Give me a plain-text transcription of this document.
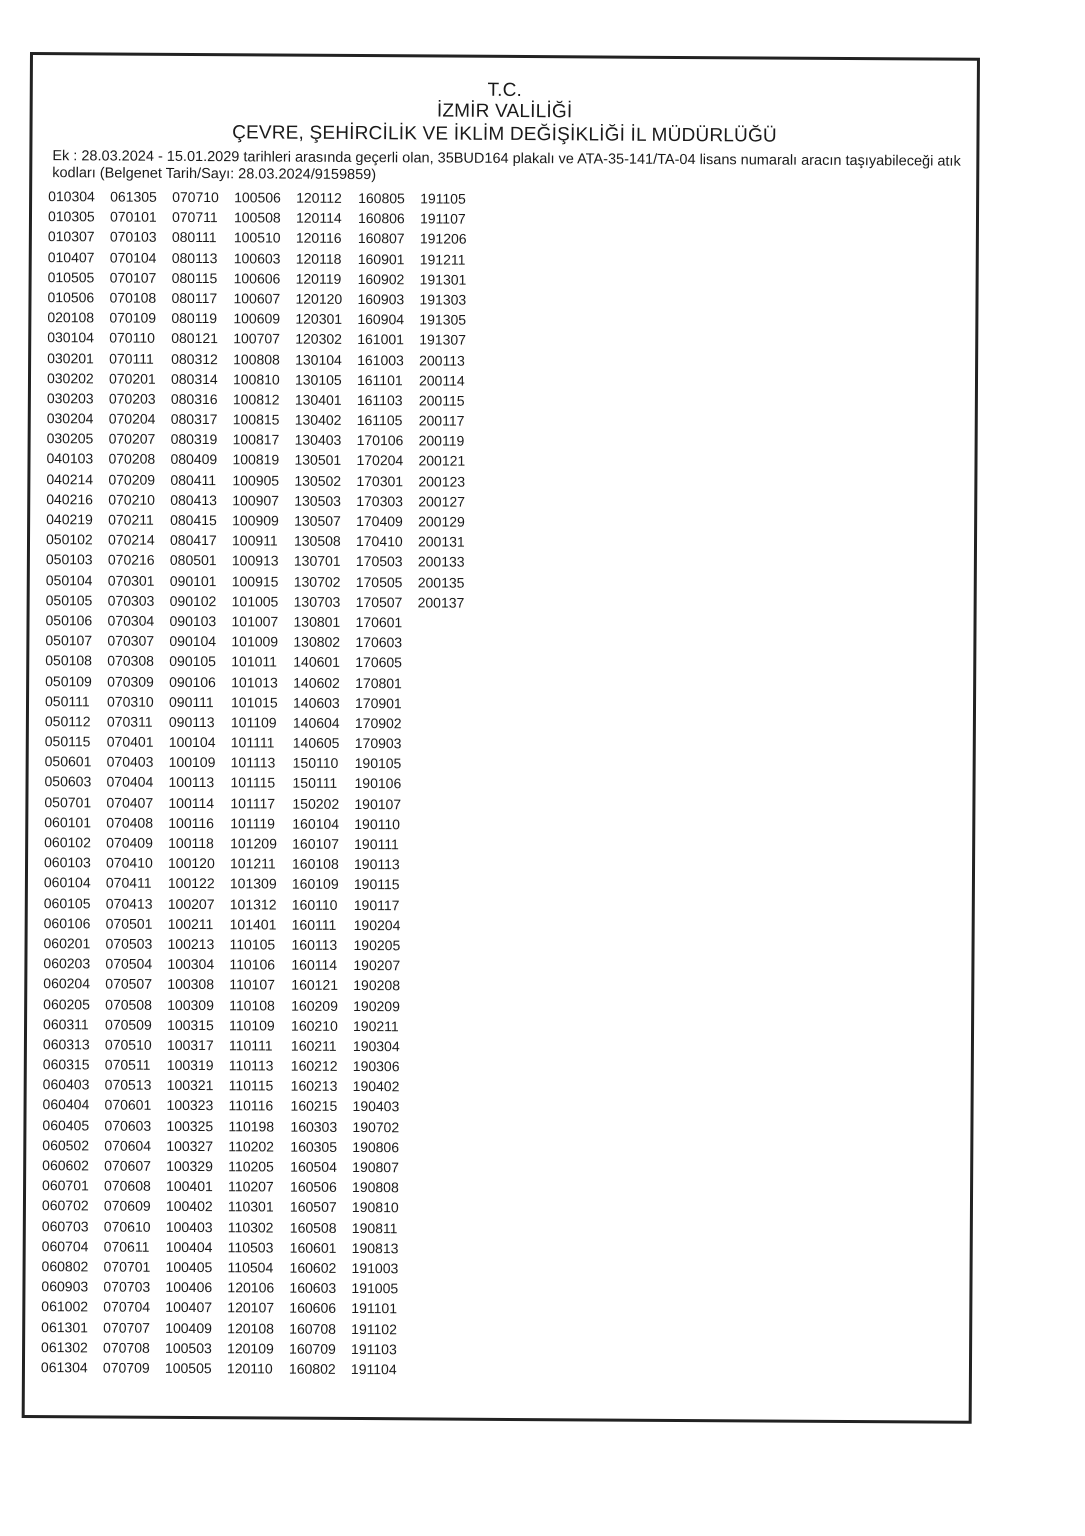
T.C.
İZMİR VALİLİĞİ
ÇEVRE, ŞEHİRCİLİK VE İKLİM DEĞİŞİKLİĞİ İL MÜDÜRLÜĞÜ
Ek : 28.03.2024 - 15.01.2029 tarihleri arasında geçerli olan, 35BUD164 plakalı ve ATA-35-141/TA-04 lisans numaralı aracın taşıyabileceği atık kodları (Belgenet Tarih/Sayı: 28.03.2024/9159859)
010304
010305
010307
010407
010505
010506
020108
030104
030201
030202
030203
030204
030205
040103
040214
040216
040219
050102
050103
050104
050105
050106
050107
050108
050109
050111
050112
050115
050601
050603
050701
060101
060102
060103
060104
060105
060106
060201
060203
060204
060205
060311
060313
060315
060403
060404
060405
060502
060602
060701
060702
060703
060704
060802
060903
061002
061301
061302
061304
061305
070101
070103
070104
070107
070108
070109
070110
070111
070201
070203
070204
070207
070208
070209
070210
070211
070214
070216
070301
070303
070304
070307
070308
070309
070310
070311
070401
070403
070404
070407
070408
070409
070410
070411
070413
070501
070503
070504
070507
070508
070509
070510
070511
070513
070601
070603
070604
070607
070608
070609
070610
070611
070701
070703
070704
070707
070708
070709
070710
070711
080111
080113
080115
080117
080119
080121
080312
080314
080316
080317
080319
080409
080411
080413
080415
080417
080501
090101
090102
090103
090104
090105
090106
090111
090113
100104
100109
100113
100114
100116
100118
100120
100122
100207
100211
100213
100304
100308
100309
100315
100317
100319
100321
100323
100325
100327
100329
100401
100402
100403
100404
100405
100406
100407
100409
100503
100505
100506
100508
100510
100603
100606
100607
100609
100707
100808
100810
100812
100815
100817
100819
100905
100907
100909
100911
100913
100915
101005
101007
101009
101011
101013
101015
101109
101111
101113
101115
101117
101119
101209
101211
101309
101312
101401
110105
110106
110107
110108
110109
110111
110113
110115
110116
110198
110202
110205
110207
110301
110302
110503
110504
120106
120107
120108
120109
120110
120112
120114
120116
120118
120119
120120
120301
120302
130104
130105
130401
130402
130403
130501
130502
130503
130507
130508
130701
130702
130703
130801
130802
140601
140602
140603
140604
140605
150110
150111
150202
160104
160107
160108
160109
160110
160111
160113
160114
160121
160209
160210
160211
160212
160213
160215
160303
160305
160504
160506
160507
160508
160601
160602
160603
160606
160708
160709
160802
160805
160806
160807
160901
160902
160903
160904
161001
161003
161101
161103
161105
170106
170204
170301
170303
170409
170410
170503
170505
170507
170601
170603
170605
170801
170901
170902
170903
190105
190106
190107
190110
190111
190113
190115
190117
190204
190205
190207
190208
190209
190211
190304
190306
190402
190403
190702
190806
190807
190808
190810
190811
190813
191003
191005
191101
191102
191103
191104
191105
191107
191206
191211
191301
191303
191305
191307
200113
200114
200115
200117
200119
200121
200123
200127
200129
200131
200133
200135
200137
